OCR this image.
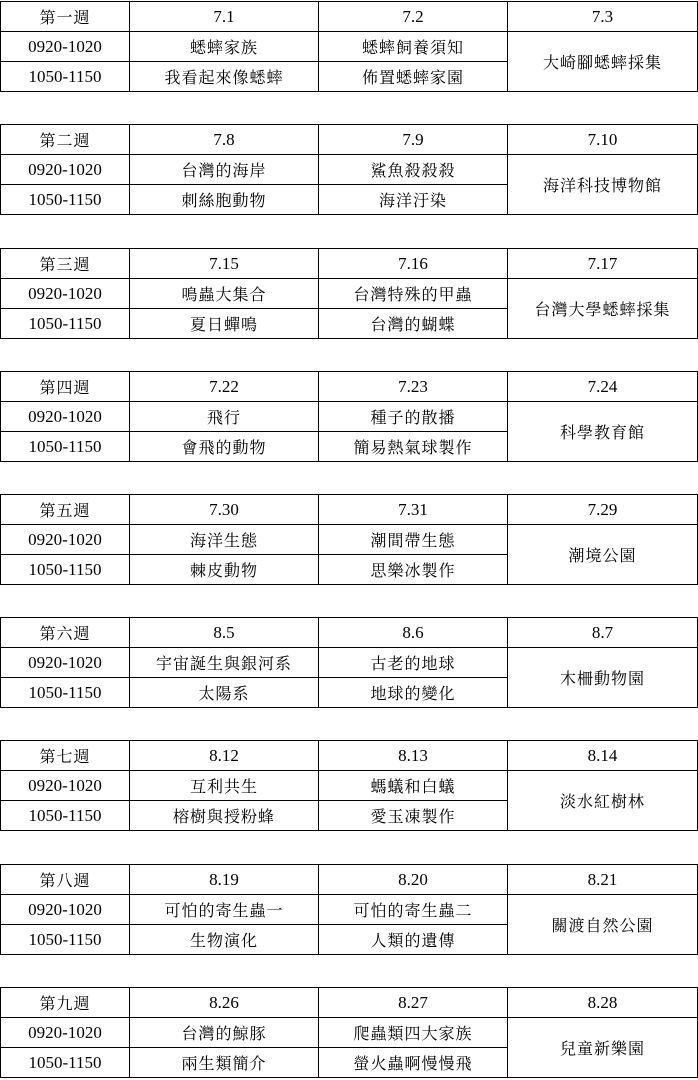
第一週	7.1	7.2	7.3
0920-1020	蟋蟀家族	蟋蟀飼養須知	大崎腳蟋蟀採集
1050-1150	我看起來像蟋蟀	佈置蟋蟀家園	
第二週	7.8	7.9	7.10
0920-1020	台灣的海岸	鯊魚殺殺殺	海洋科技博物館
1050-1150	刺絲胞動物	海洋汙染	
第三週	7.15	7.16	7.17
0920-1020	鳴蟲大集合	台灣特殊的甲蟲	台灣大學蟋蟀採集
1050-1150	夏日蟬鳴	台灣的蝴蝶	
第四週	7.22	7.23	7.24
0920-1020	飛行	種子的散播	科學教育館
1050-1150	會飛的動物	簡易熱氣球製作	
第五週	7.30	7.31	7.29
0920-1020	海洋生態	潮間帶生態	潮境公園
1050-1150	棘皮動物	思樂冰製作	
第六週	8.5	8.6	8.7
0920-1020	宇宙誕生與銀河系	古老的地球	木柵動物園
1050-1150	太陽系	地球的變化	
第七週	8.12	8.13	8.14
0920-1020	互利共生	螞蟻和白蟻	淡水紅樹林
1050-1150	榕樹與授粉蜂	愛玉凍製作	
第八週	8.19	8.20	8.21
0920-1020	可怕的寄生蟲一	可怕的寄生蟲二	關渡自然公園
1050-1150	生物演化	人類的遺傳	
第九週	8.26	8.27	8.28
0920-1020	台灣的鯨豚	爬蟲類四大家族	兒童新樂園
1050-1150	兩生類簡介	螢火蟲啊慢慢飛	
